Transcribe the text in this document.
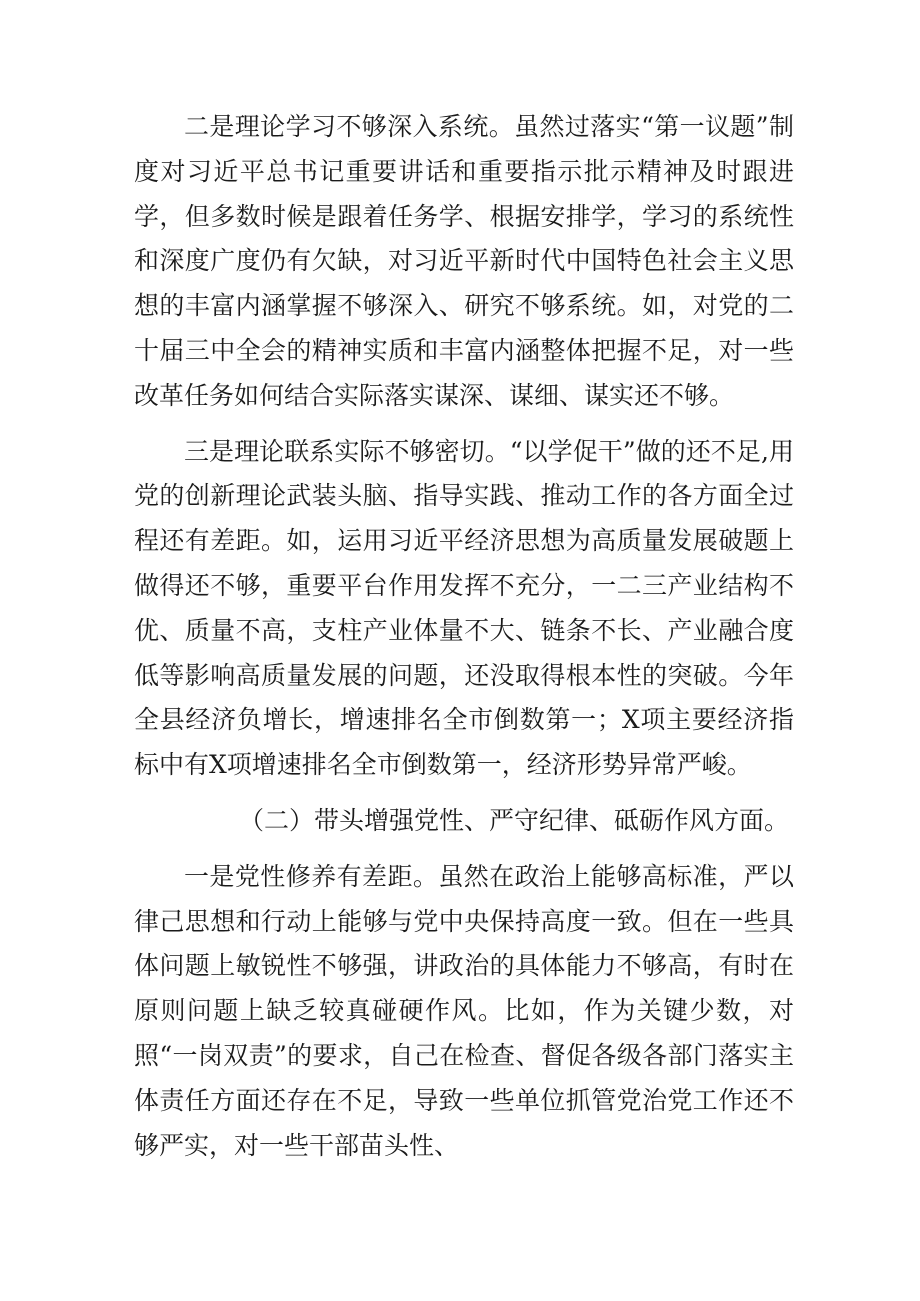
二是理论学习不够深入系统。虽然过落实“第一议题”制度对习近平总书记重要讲话和重要指示批示精神及时跟进学，但多数时候是跟着任务学、根据安排学，学习的系统性和深度广度仍有欠缺，对习近平新时代中国特色社会主义思想的丰富内涵掌握不够深入、研究不够系统。如，对党的二十届三中全会的精神实质和丰富内涵整体把握不足，对一些改革任务如何结合实际落实谋深、谋细、谋实还不够。

三是理论联系实际不够密切。“以学促干”做的还不足,用党的创新理论武装头脑、指导实践、推动工作的各方面全过程还有差距。如，运用习近平经济思想为高质量发展破题上做得还不够，重要平台作用发挥不充分，一二三产业结构不优、质量不高，支柱产业体量不大、链条不长、产业融合度低等影响高质量发展的问题，还没取得根本性的突破。今年全县经济负增长，增速排名全市倒数第一；X项主要经济指标中有X项增速排名全市倒数第一，经济形势异常严峻。

（二）带头增强党性、严守纪律、砥砺作风方面。

一是党性修养有差距。虽然在政治上能够高标准，严以律己思想和行动上能够与党中央保持高度一致。但在一些具体问题上敏锐性不够强，讲政治的具体能力不够高，有时在原则问题上缺乏较真碰硬作风。比如，作为关键少数，对照“一岗双责”的要求，自己在检查、督促各级各部门落实主体责任方面还存在不足，导致一些单位抓管党治党工作还不够严实，对一些干部苗头性、
